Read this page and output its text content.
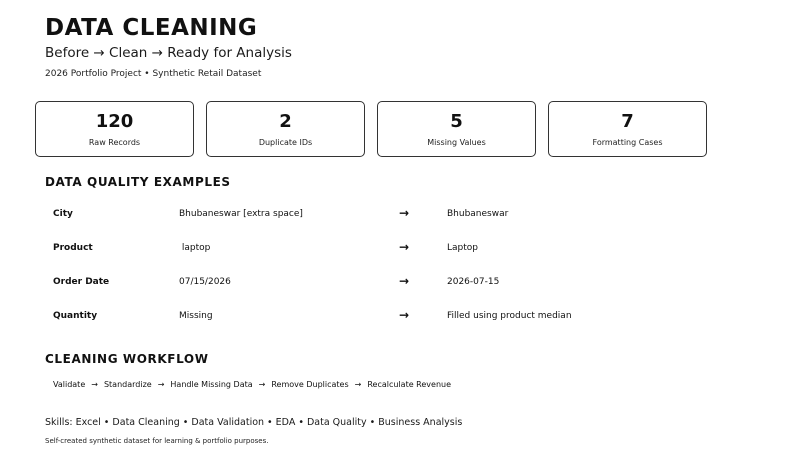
DATA CLEANING
Before → Clean → Ready for Analysis
2026 Portfolio Project • Synthetic Retail Dataset
120
Raw Records
2
Duplicate IDs
5
Missing Values
7
Formatting Cases
DATA QUALITY EXAMPLES
City	Bhubaneswar [extra space]	→	Bhubaneswar
Product	laptop	→	Laptop
Order Date	07/15/2026	→	2026-07-15
Quantity	Missing	→	Filled using product median
CLEANING WORKFLOW
Validate → Standardize → Handle Missing Data → Remove Duplicates → Recalculate Revenue
Skills: Excel • Data Cleaning • Data Validation • EDA • Data Quality • Business Analysis
Self-created synthetic dataset for learning & portfolio purposes.
